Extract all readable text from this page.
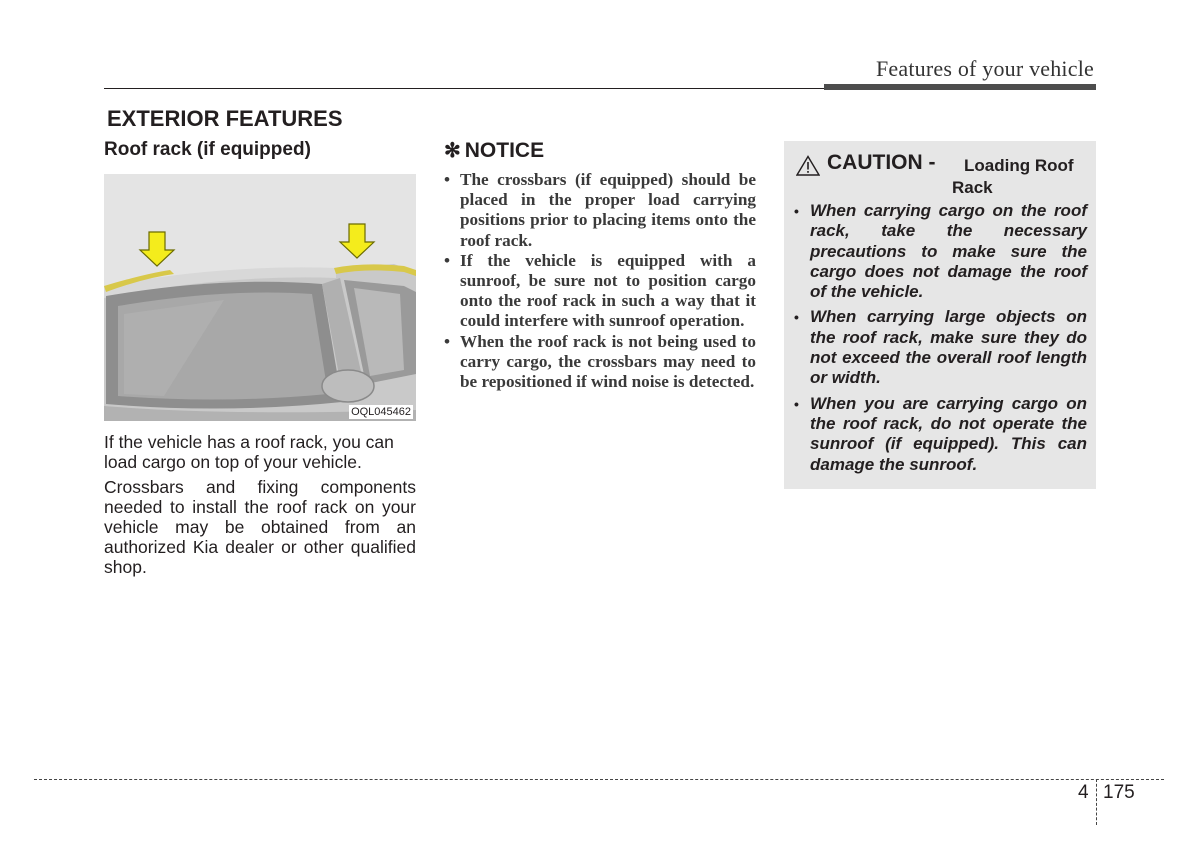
Features of your vehicle
EXTERIOR FEATURES
Roof rack (if equipped)
OQL045462

If the vehicle has a roof rack, you can load cargo on top of your vehicle.

Crossbars and fixing components needed to install the roof rack on your vehicle may be obtained from an authorized Kia dealer or other qualified shop.

✻ NOTICE
• The crossbars (if equipped) should be placed in the proper load carrying positions prior to placing items onto the roof rack.
• If the vehicle is equipped with a sunroof, be sure not to position cargo onto the roof rack in such a way that it could interfere with sunroof operation.
• When the roof rack is not being used to carry cargo, the crossbars may need to be repositioned if wind noise is detected.
CAUTION - Loading Roof
Rack
• When carrying cargo on the roof rack, take the necessary precautions to make sure the cargo does not damage the roof of the vehicle.
• When carrying large objects on the roof rack, make sure they do not exceed the overall roof length or width.
• When you are carrying cargo on the roof rack, do not operate the sunroof (if equipped). This can damage the sunroof.
4 175
